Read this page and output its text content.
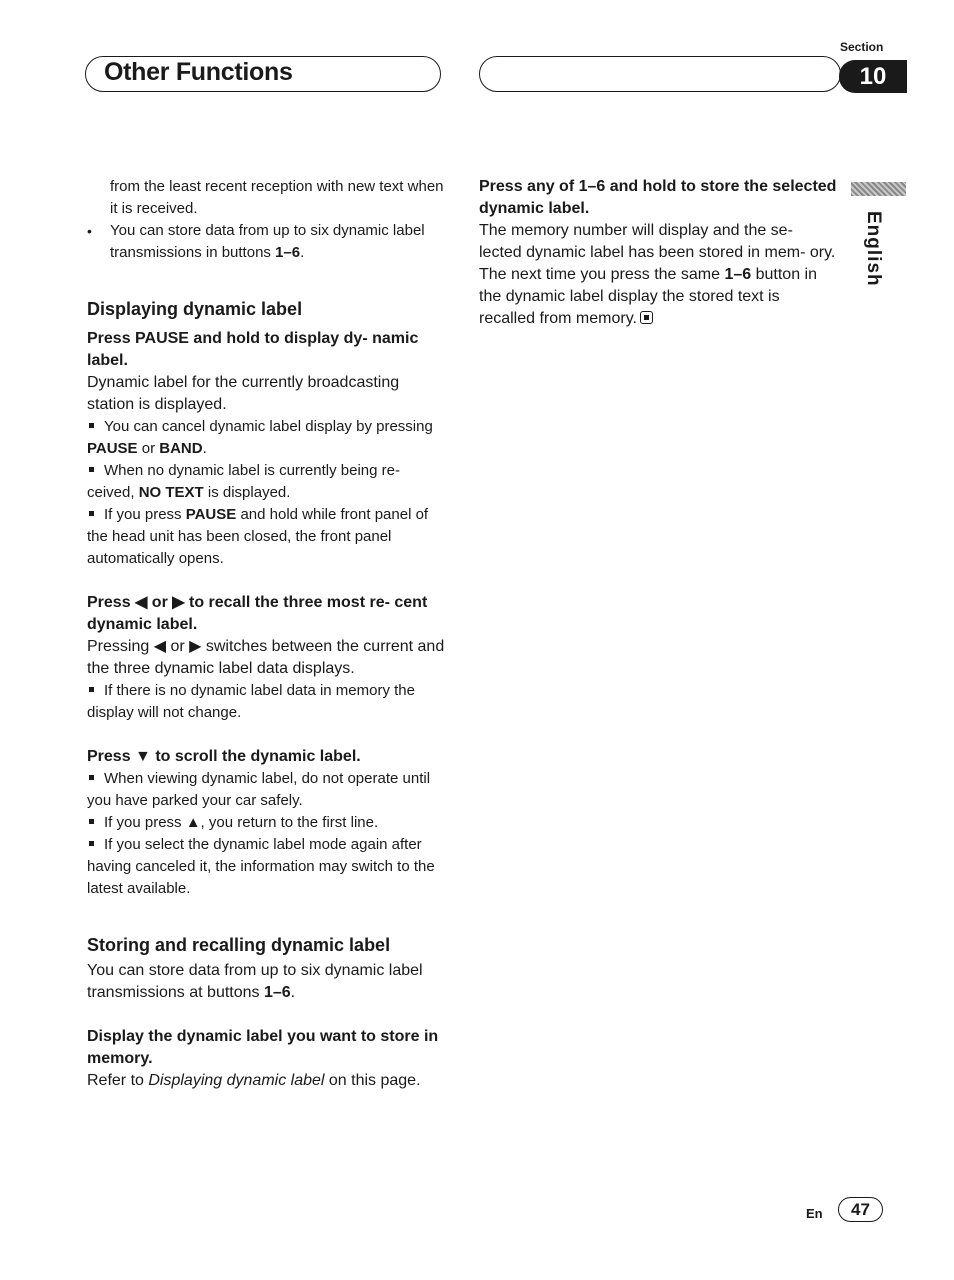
Section
10
Other Functions
English

from the least recent reception with new text when it is received.

• You can store data from up to six dynamic label transmissions in buttons 1–6.

Displaying dynamic label

Press PAUSE and hold to display dy- namic label.

Dynamic label for the currently broadcasting station is displayed.

You can cancel dynamic label display by pressing PAUSE or BAND.

When no dynamic label is currently being re- ceived, NO TEXT is displayed.

If you press PAUSE and hold while front panel of the head unit has been closed, the front panel automatically opens.

Press ◀ or ▶ to recall the three most re- cent dynamic label.

Pressing ◀ or ▶ switches between the current and the three dynamic label data displays.

If there is no dynamic label data in memory the display will not change.

Press ▼ to scroll the dynamic label.

When viewing dynamic label, do not operate until you have parked your car safely.

If you press ▲, you return to the first line.

If you select the dynamic label mode again after having canceled it, the information may switch to the latest available.

Storing and recalling dynamic label

You can store data from up to six dynamic label transmissions at buttons 1–6.

Display the dynamic label you want to store in memory.

Refer to Displaying dynamic label on this page.

Press any of 1–6 and hold to store the selected dynamic label.

The memory number will display and the se- lected dynamic label has been stored in mem- ory.

The next time you press the same 1–6 button in the dynamic label display the stored text is recalled from memory.

En	47
